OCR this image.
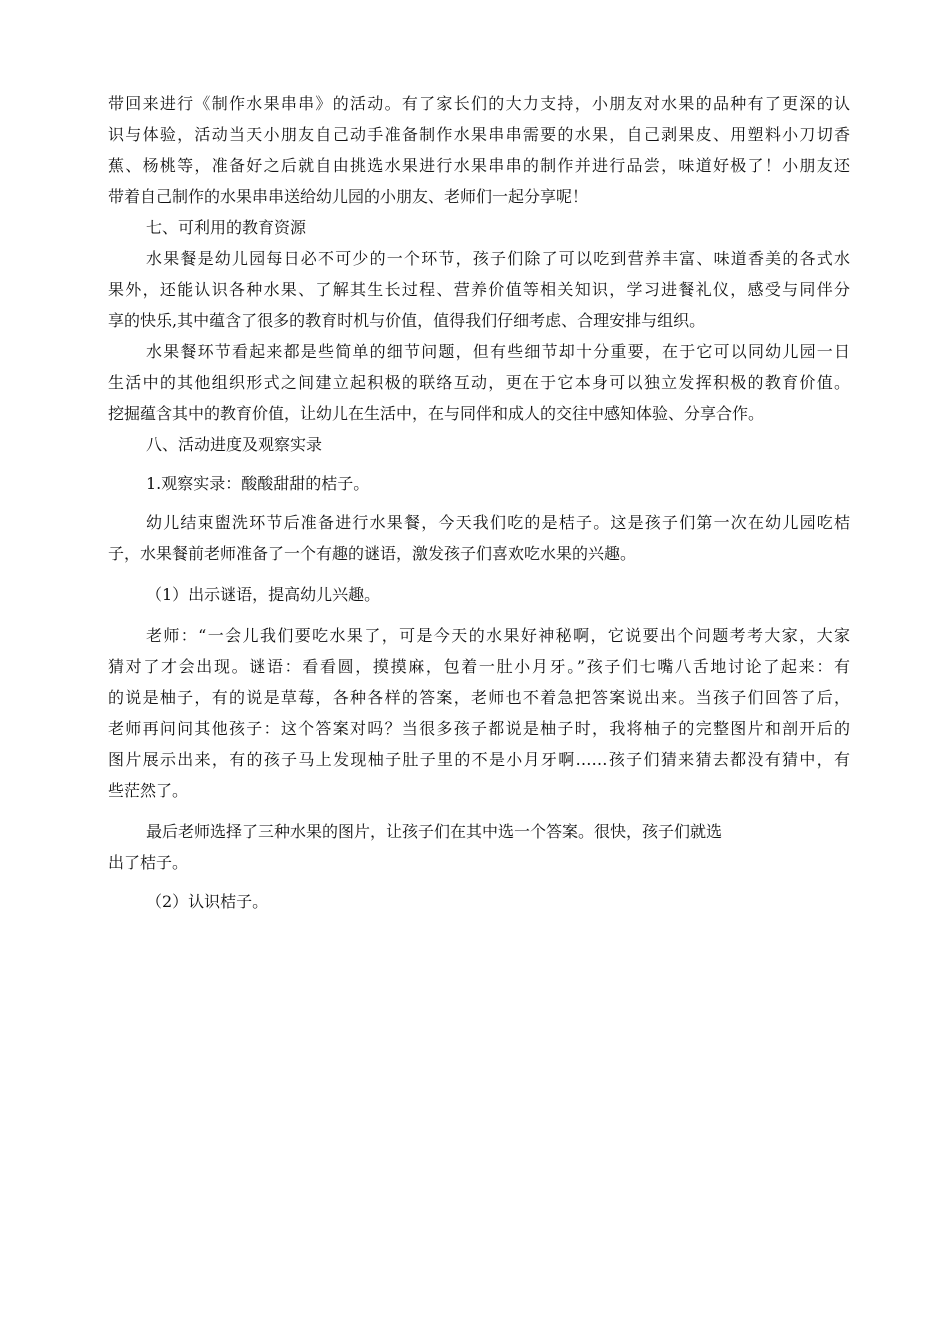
带回来进行《制作水果串串》的活动。有了家长们的大力支持，小朋友对水果的品种有了更深的认
识与体验，活动当天小朋友自己动手准备制作水果串串需要的水果，自己剥果皮、用塑料小刀切香
蕉、杨桃等，准备好之后就自由挑选水果进行水果串串的制作并进行品尝，味道好极了！小朋友还
带着自己制作的水果串串送给幼儿园的小朋友、老师们一起分享呢！
七、可利用的教育资源
水果餐是幼儿园每日必不可少的一个环节，孩子们除了可以吃到营养丰富、味道香美的各式水
果外，还能认识各种水果、了解其生长过程、营养价值等相关知识，学习进餐礼仪，感受与同伴分
享的快乐,其中蕴含了很多的教育时机与价值，值得我们仔细考虑、合理安排与组织。
水果餐环节看起来都是些简单的细节问题，但有些细节却十分重要，在于它可以同幼儿园一日
生活中的其他组织形式之间建立起积极的联络互动，更在于它本身可以独立发挥积极的教育价值。
挖掘蕴含其中的教育价值，让幼儿在生活中，在与同伴和成人的交往中感知体验、分享合作。
八、活动进度及观察实录
1.观察实录：酸酸甜甜的桔子。
幼儿结束盥洗环节后准备进行水果餐，今天我们吃的是桔子。这是孩子们第一次在幼儿园吃桔
子，水果餐前老师准备了一个有趣的谜语，激发孩子们喜欢吃水果的兴趣。
（1）出示谜语，提高幼儿兴趣。
老师：“一会儿我们要吃水果了，可是今天的水果好神秘啊，它说要出个问题考考大家，大家
猜对了才会出现。谜语：看看圆，摸摸麻，包着一肚小月牙。”孩子们七嘴八舌地讨论了起来：有
的说是柚子，有的说是草莓，各种各样的答案，老师也不着急把答案说出来。当孩子们回答了后，
老师再问问其他孩子：这个答案对吗？当很多孩子都说是柚子时，我将柚子的完整图片和剖开后的
图片展示出来，有的孩子马上发现柚子肚子里的不是小月牙啊……孩子们猜来猜去都没有猜中，有
些茫然了。
最后老师选择了三种水果的图片，让孩子们在其中选一个答案。很快，孩子们就选
出了桔子。
（2）认识桔子。
